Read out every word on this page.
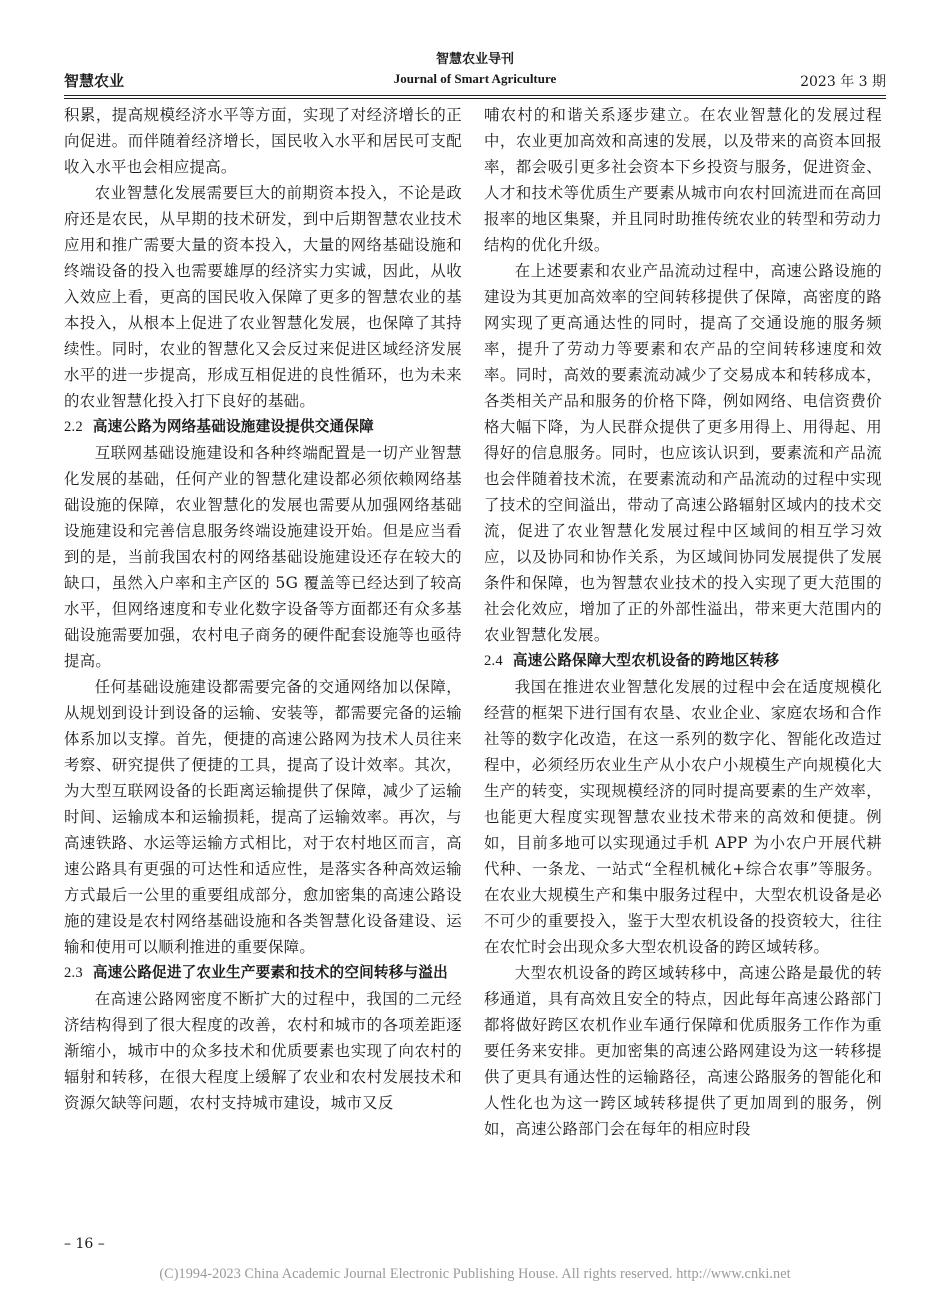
智慧农业
智慧农业导刊
Journal of Smart Agriculture	2023 年 3 期

积累，提高规模经济水平等方面，实现了对经济增长的正向促进。而伴随着经济增长，国民收入水平和居民可支配收入水平也会相应提高。

农业智慧化发展需要巨大的前期资本投入，不论是政府还是农民，从早期的技术研发，到中后期智慧农业技术应用和推广需要大量的资本投入，大量的网络基础设施和终端设备的投入也需要雄厚的经济实力实诚，因此，从收入效应上看，更高的国民收入保障了更多的智慧农业的基本投入，从根本上促进了农业智慧化发展，也保障了其持续性。同时，农业的智慧化又会反过来促进区域经济发展水平的进一步提高，形成互相促进的良性循环，也为未来的农业智慧化投入打下良好的基础。

2.2 高速公路为网络基础设施建设提供交通保障

互联网基础设施建设和各种终端配置是一切产业智慧化发展的基础，任何产业的智慧化建设都必须依赖网络基础设施的保障，农业智慧化的发展也需要从加强网络基础设施建设和完善信息服务终端设施建设开始。但是应当看到的是，当前我国农村的网络基础设施建设还存在较大的缺口，虽然入户率和主产区的 5G 覆盖等已经达到了较高水平，但网络速度和专业化数字设备等方面都还有众多基础设施需要加强，农村电子商务的硬件配套设施等也亟待提高。

任何基础设施建设都需要完备的交通网络加以保障，从规划到设计到设备的运输、安装等，都需要完备的运输体系加以支撑。首先，便捷的高速公路网为技术人员往来考察、研究提供了便捷的工具，提高了设计效率。其次，为大型互联网设备的长距离运输提供了保障，减少了运输时间、运输成本和运输损耗，提高了运输效率。再次，与高速铁路、水运等运输方式相比，对于农村地区而言，高速公路具有更强的可达性和适应性，是落实各种高效运输方式最后一公里的重要组成部分，愈加密集的高速公路设施的建设是农村网络基础设施和各类智慧化设备建设、运输和使用可以顺利推进的重要保障。

2.3 高速公路促进了农业生产要素和技术的空间转移与溢出

在高速公路网密度不断扩大的过程中，我国的二元经济结构得到了很大程度的改善，农村和城市的各项差距逐渐缩小，城市中的众多技术和优质要素也实现了向农村的辐射和转移，在很大程度上缓解了农业和农村发展技术和资源欠缺等问题，农村支持城市建设，城市又反

哺农村的和谐关系逐步建立。在农业智慧化的发展过程中，农业更加高效和高速的发展，以及带来的高资本回报率，都会吸引更多社会资本下乡投资与服务，促进资金、人才和技术等优质生产要素从城市向农村回流进而在高回报率的地区集聚，并且同时助推传统农业的转型和劳动力结构的优化升级。

在上述要素和农业产品流动过程中，高速公路设施的建设为其更加高效率的空间转移提供了保障，高密度的路网实现了更高通达性的同时，提高了交通设施的服务频率，提升了劳动力等要素和农产品的空间转移速度和效率。同时，高效的要素流动减少了交易成本和转移成本，各类相关产品和服务的价格下降，例如网络、电信资费价格大幅下降，为人民群众提供了更多用得上、用得起、用得好的信息服务。同时，也应该认识到，要素流和产品流也会伴随着技术流，在要素流动和产品流动的过程中实现了技术的空间溢出，带动了高速公路辐射区域内的技术交流，促进了农业智慧化发展过程中区域间的相互学习效应，以及协同和协作关系，为区域间协同发展提供了发展条件和保障，也为智慧农业技术的投入实现了更大范围的社会化效应，增加了正的外部性溢出，带来更大范围内的农业智慧化发展。

2.4 高速公路保障大型农机设备的跨地区转移

我国在推进农业智慧化发展的过程中会在适度规模化经营的框架下进行国有农垦、农业企业、家庭农场和合作社等的数字化改造，在这一系列的数字化、智能化改造过程中，必须经历农业生产从小农户小规模生产向规模化大生产的转变，实现规模经济的同时提高要素的生产效率，也能更大程度实现智慧农业技术带来的高效和便捷。例如，目前多地可以实现通过手机 APP 为小农户开展代耕代种、一条龙、一站式“全程机械化+综合农事”等服务。在农业大规模生产和集中服务过程中，大型农机设备是必不可少的重要投入，鉴于大型农机设备的投资较大，往往在农忙时会出现众多大型农机设备的跨区域转移。

大型农机设备的跨区域转移中，高速公路是最优的转移通道，具有高效且安全的特点，因此每年高速公路部门都将做好跨区农机作业车通行保障和优质服务工作作为重要任务来安排。更加密集的高速公路网建设为这一转移提供了更具有通达性的运输路径，高速公路服务的智能化和人性化也为这一跨区域转移提供了更加周到的服务，例如，高速公路部门会在每年的相应时段

– 16 –
(C)1994-2023 China Academic Journal Electronic Publishing House. All rights reserved. http://www.cnki.net
